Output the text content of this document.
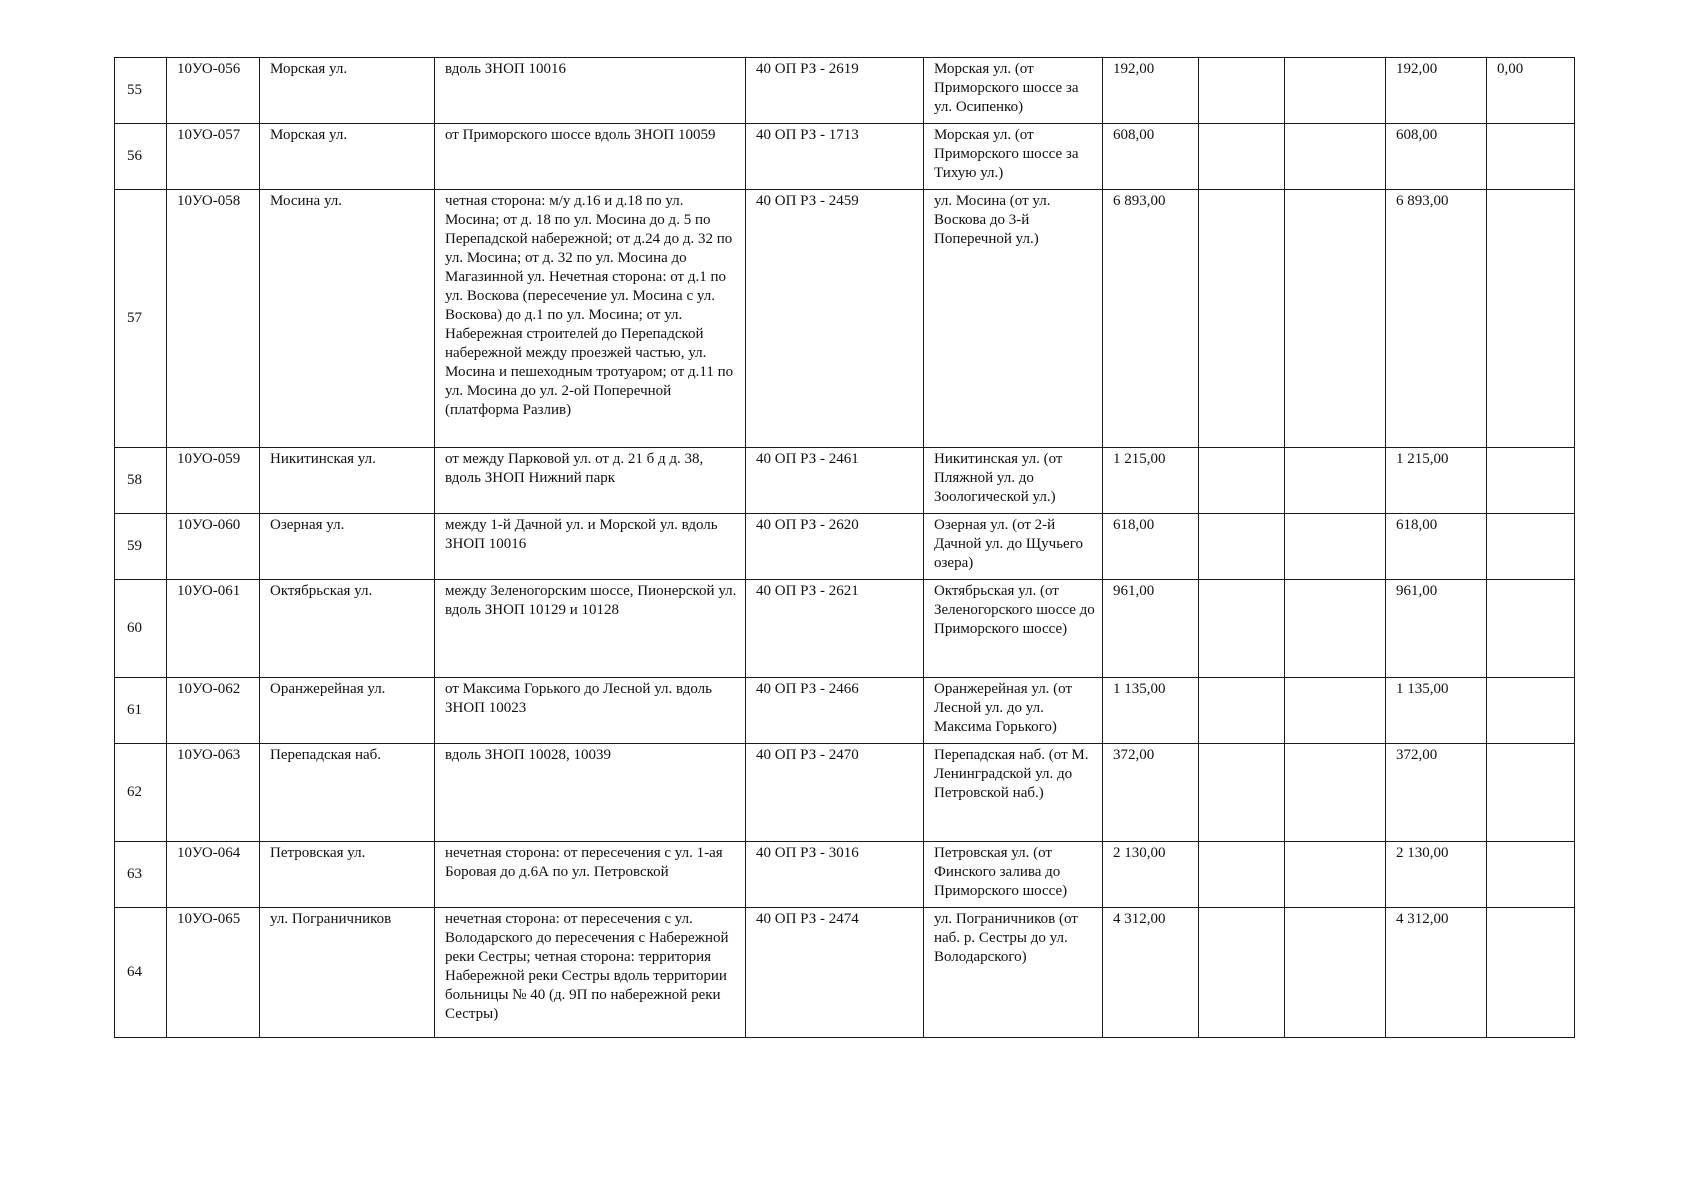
55	10УО-056	Морская ул.	вдоль ЗНОП 10016	40 ОП РЗ - 2619	Морская ул. (от Приморского шоссе за ул. Осипенко)	192,00			192,00	0,00
56	10УО-057	Морская ул.	от Приморского шоссе вдоль ЗНОП 10059	40 ОП РЗ - 1713	Морская ул. (от Приморского шоссе за Тихую ул.)	608,00			608,00	
57	10УО-058	Мосина ул.	четная сторона: м/у д.16 и д.18 по ул. Мосина; от д. 18 по ул. Мосина до д. 5 по Перепадской набережной; от д.24 до д. 32 по ул. Мосина; от д. 32 по ул. Мосина до Магазинной ул. Нечетная сторона: от д.1 по ул. Воскова (пересечение ул. Мосина с ул. Воскова) до д.1 по ул. Мосина; от ул. Набережная строителей до Перепадской набережной между проезжей частью, ул. Мосина и пешеходным тротуаром; от д.11 по ул. Мосина до ул. 2-ой Поперечной (платформа Разлив)	40 ОП РЗ - 2459	ул. Мосина (от ул. Воскова до 3-й Поперечной ул.)	6 893,00			6 893,00	
58	10УО-059	Никитинская ул.	от между Парковой ул. от д. 21 б д д. 38, вдоль ЗНОП Нижний парк	40 ОП РЗ - 2461	Никитинская ул. (от Пляжной ул. до Зоологической ул.)	1 215,00			1 215,00	
59	10УО-060	Озерная ул.	между 1-й Дачной ул. и Морской ул. вдоль ЗНОП 10016	40 ОП РЗ - 2620	Озерная ул. (от 2-й Дачной ул. до Щучьего озера)	618,00			618,00	
60	10УО-061	Октябрьская ул.	между Зеленогорским шоссе, Пионерской ул. вдоль ЗНОП 10129 и 10128	40 ОП РЗ - 2621	Октябрьская ул. (от Зеленогорского шоссе до Приморского шоссе)	961,00			961,00	
61	10УО-062	Оранжерейная ул.	от Максима Горького до Лесной ул. вдоль ЗНОП 10023	40 ОП РЗ - 2466	Оранжерейная ул. (от Лесной ул. до ул. Максима Горького)	1 135,00			1 135,00	
62	10УО-063	Перепадская наб.	вдоль ЗНОП 10028, 10039	40 ОП РЗ - 2470	Перепадская наб. (от М. Ленинградской ул. до Петровской наб.)	372,00			372,00	
63	10УО-064	Петровская ул.	нечетная сторона: от пересечения с ул. 1-ая Боровая до д.6А по ул. Петровской	40 ОП РЗ - 3016	Петровская ул. (от Финского залива до Приморского шоссе)	2 130,00			2 130,00	
64	10УО-065	ул. Пограничников	нечетная сторона: от пересечения с ул. Володарского до пересечения с Набережной реки Сестры; четная сторона: территория Набережной реки Сестры вдоль территории больницы № 40 (д. 9П по набережной реки Сестры)	40 ОП РЗ - 2474	ул. Пограничников (от наб. р. Сестры до ул. Володарского)	4 312,00			4 312,00	
